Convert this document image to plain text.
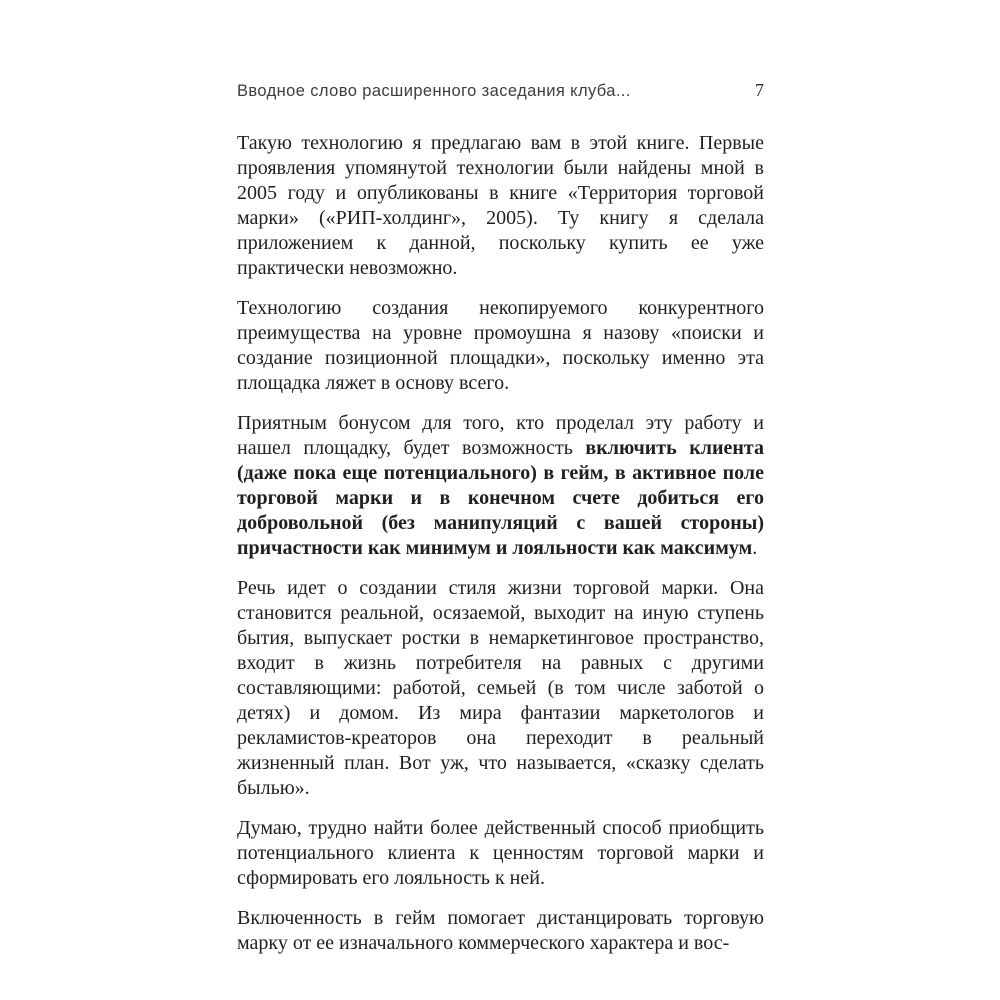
Вводное слово расширенного заседания клуба...	7

Такую технологию я предлагаю вам в этой книге. Первые проявления упомянутой технологии были найдены мной в 2005 году и опубликованы в книге «Территория торговой марки» («РИП-холдинг», 2005). Ту книгу я сделала приложением к данной, поскольку купить ее уже практически невозможно.

Технологию создания некопируемого конкурентного преимущества на уровне промоушна я назову «поиски и создание позиционной площадки», поскольку именно эта площадка ляжет в основу всего.

Приятным бонусом для того, кто проделал эту работу и нашел площадку, будет возможность включить клиента (даже пока еще потенциального) в гейм, в активное поле торговой марки и в конечном счете добиться его добровольной (без манипуляций с вашей стороны) причастности как минимум и лояльности как максимум.

Речь идет о создании стиля жизни торговой марки. Она становится реальной, осязаемой, выходит на иную ступень бытия, выпускает ростки в немаркетинговое пространство, входит в жизнь потребителя на равных с другими составляющими: работой, семьей (в том числе заботой о детях) и домом. Из мира фантазии маркетологов и рекламистов-креаторов она переходит в реальный жизненный план. Вот уж, что называется, «сказку сделать былью».

Думаю, трудно найти более действенный способ приобщить потенциального клиента к ценностям торговой марки и сформировать его лояльность к ней.

Включенность в гейм помогает дистанцировать торговую марку от ее изначального коммерческого характера и вос-
